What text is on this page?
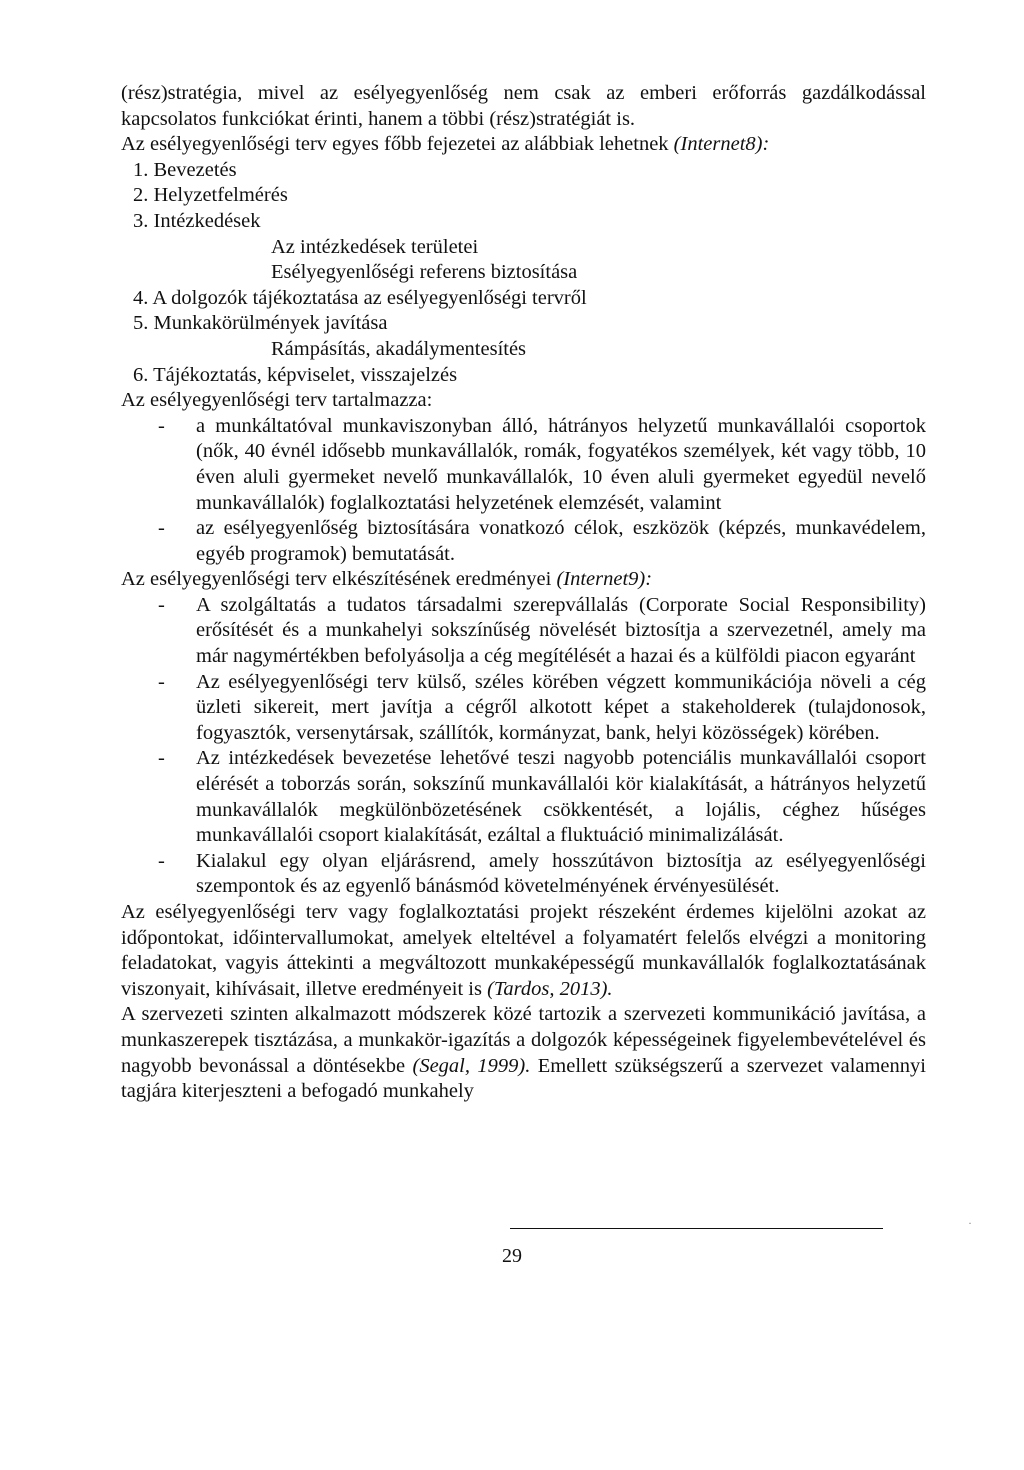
(rész)stratégia, mivel az esélyegyenlőség nem csak az emberi erőforrás gazdálkodással kapcsolatos funkciókat érinti, hanem a többi (rész)stratégiát is.

Az esélyegyenlőségi terv egyes főbb fejezetei az alábbiak lehetnek (Internet8):

1. Bevezetés

2. Helyzetfelmérés

3. Intézkedések

Az intézkedések területei

Esélyegyenlőségi referens biztosítása

4. A dolgozók tájékoztatása az esélyegyenlőségi tervről

5. Munkakörülmények javítása

Rámpásítás, akadálymentesítés

6. Tájékoztatás, képviselet, visszajelzés

Az esélyegyenlőségi terv tartalmazza:

- a munkáltatóval munkaviszonyban álló, hátrányos helyzetű munkavállalói csoportok (nők, 40 évnél idősebb munkavállalók, romák, fogyatékos személyek, két vagy több, 10 éven aluli gyermeket nevelő munkavállalók, 10 éven aluli gyermeket egyedül nevelő munkavállalók) foglalkoztatási helyzetének elemzését, valamint

- az esélyegyenlőség biztosítására vonatkozó célok, eszközök (képzés, munkavédelem, egyéb programok) bemutatását.

Az esélyegyenlőségi terv elkészítésének eredményei (Internet9):

- A szolgáltatás a tudatos társadalmi szerepvállalás (Corporate Social Responsibility) erősítését és a munkahelyi sokszínűség növelését biztosítja a szervezetnél, amely ma már nagymértékben befolyásolja a cég megítélését a hazai és a külföldi piacon egyaránt

- Az esélyegyenlőségi terv külső, széles körében végzett kommunikációja növeli a cég üzleti sikereit, mert javítja a cégről alkotott képet a stakeholderek (tulajdonosok, fogyasztók, versenytársak, szállítók, kormányzat, bank, helyi közösségek) körében.

- Az intézkedések bevezetése lehetővé teszi nagyobb potenciális munkavállalói csoport elérését a toborzás során, sokszínű munkavállalói kör kialakítását, a hátrányos helyzetű munkavállalók megkülönbözetésének csökkentését, a lojális, céghez hűséges munkavállalói csoport kialakítását, ezáltal a fluktuáció minimalizálását.

- Kialakul egy olyan eljárásrend, amely hosszútávon biztosítja az esélyegyenlőségi szempontok és az egyenlő bánásmód követelményének érvényesülését.

Az esélyegyenlőségi terv vagy foglalkoztatási projekt részeként érdemes kijelölni azokat az időpontokat, időintervallumokat, amelyek elteltével a folyamatért felelős elvégzi a monitoring feladatokat, vagyis áttekinti a megváltozott munkaképességű munkavállalók foglalkoztatásának viszonyait, kihívásait, illetve eredményeit is (Tardos, 2013).

A szervezeti szinten alkalmazott módszerek közé tartozik a szervezeti kommunikáció javítása, a munkaszerepek tisztázása, a munkakör-igazítás a dolgozók képességeinek figyelembevételével és nagyobb bevonással a döntésekbe (Segal, 1999). Emellett szükségszerű a szervezet valamennyi tagjára kiterjeszteni a befogadó munkahely

·
29
